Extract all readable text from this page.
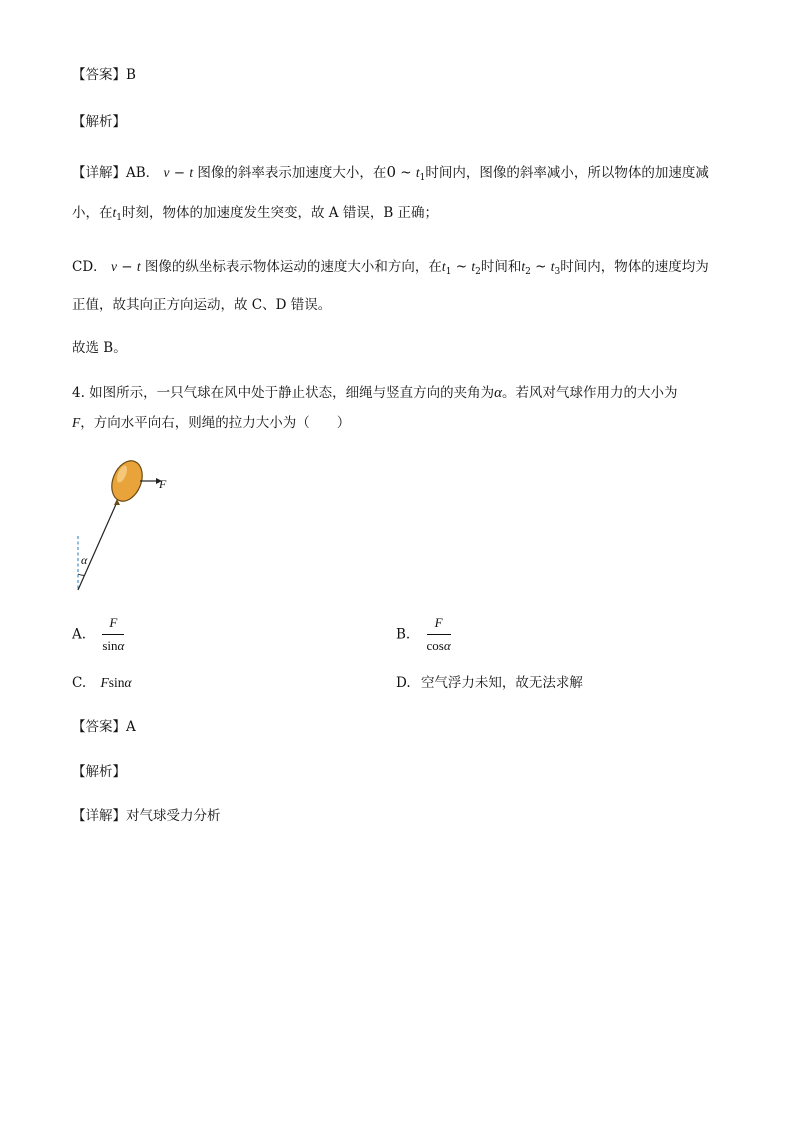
【答案】B
【解析】
【详解】AB． v − t 图像的斜率表示加速度大小，在0 ~ $t_1$时间内，图像的斜率减小，所以物体的加速度减
小，在$t_1$时刻，物体的加速度发生突变，故 A 错误，B 正确；
CD． v − t 图像的纵坐标表示物体运动的速度大小和方向，在$t_1$ ~ $t_2$时间和$t_2$ ~ $t_3$时间内，物体的速度均为
正值，故其向正方向运动，故 C、D 错误。
故选 B。
4. 如图所示，一只气球在风中处于静止状态，细绳与竖直方向的夹角为α。若风对气球作用力的大小为
F，方向水平向右，则绳的拉力大小为（　　）
F
α
A. $\frac{F}{\sin\alpha}$	B. $\frac{F}{\cos\alpha}$
C. Fsinα	D. 空气浮力未知，故无法求解
【答案】A
【解析】
【详解】对气球受力分析
